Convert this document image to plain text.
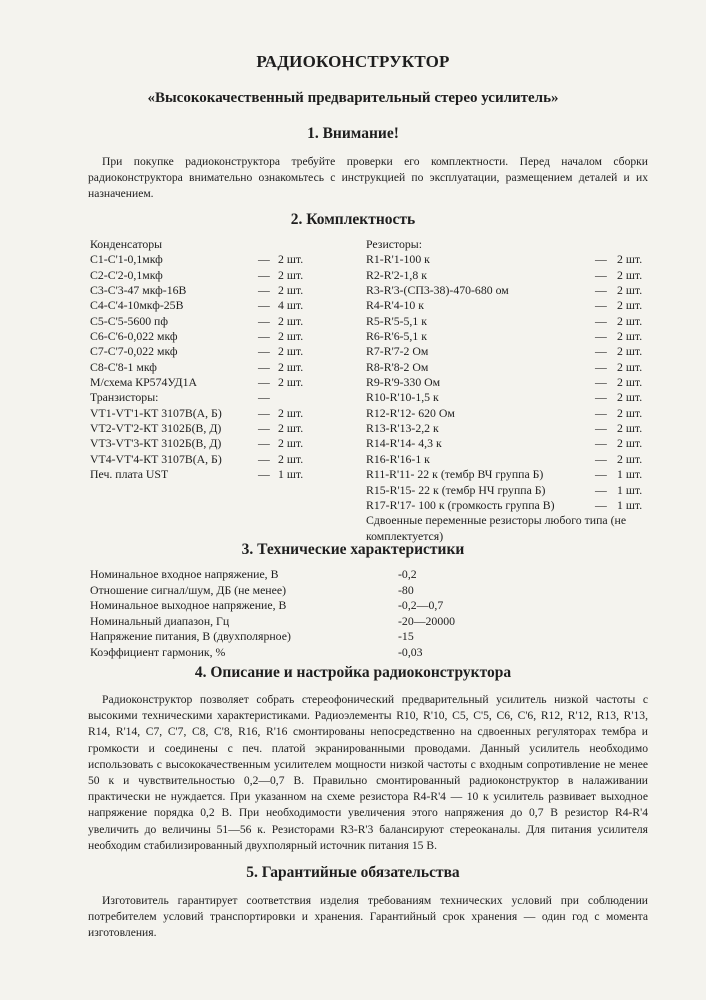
РАДИОКОНСТРУКТОР
«Высококачественный предварительный стерео усилитель»
1. Внимание!

При покупке радиоконструктора требуйте проверки его комплектности. Перед началом сборки радиоконструктора внимательно ознакомьтесь с инструкцией по эксплуатации, размещением деталей и их назначением.

2. Комплектность
Конденсаторы
С1-С'1-0,1мкф	— 2 шт.
С2-С'2-0,1мкф	— 2 шт.
С3-С'3-47 мкф-16В	— 2 шт.
С4-С'4-10мкф-25В	— 4 шт.
С5-С'5-5600 пф	— 2 шт.
С6-С'6-0,022 мкф	— 2 шт.
С7-С'7-0,022 мкф	— 2 шт.
С8-С'8-1 мкф	— 2 шт.
М/схема КР574УД1А	— 2 шт.
Транзисторы:	—
VT1-VT'1-КТ 3107В(А, Б)	— 2 шт.
VT2-VT'2-КТ 3102Б(В, Д)	— 2 шт.
VT3-VT'3-КТ 3102Б(В, Д)	— 2 шт.
VT4-VT'4-КТ 3107В(А, Б)	— 2 шт.
Печ. плата UST	— 1 шт.
Резисторы:
R1-R'1-100 к	— 2 шт.
R2-R'2-1,8 к	— 2 шт.
R3-R'3-(СП3-38)-470-680 ом	— 2 шт.
R4-R'4-10 к	— 2 шт.
R5-R'5-5,1 к	— 2 шт.
R6-R'6-5,1 к	— 2 шт.
R7-R'7-2 Ом	— 2 шт.
R8-R'8-2 Ом	— 2 шт.
R9-R'9-330 Ом	— 2 шт.
R10-R'10-1,5 к	— 2 шт.
R12-R'12- 620 Ом	— 2 шт.
R13-R'13-2,2 к	— 2 шт.
R14-R'14- 4,3 к	— 2 шт.
R16-R'16-1 к	— 2 шт.
R11-R'11- 22 к (тембр ВЧ группа Б)	— 1 шт.
R15-R'15- 22 к (тембр НЧ группа Б)	— 1 шт.
R17-R'17- 100 к (громкость группа В)	— 1 шт.
Сдвоенные переменные резисторы любого типа (не комплектуется)
3. Технические характеристики
Номинальное входное напряжение, В	-0,2
Отношение сигнал/шум, ДБ (не менее)	-80
Номинальное выходное напряжение, В	-0,2—0,7
Номинальный диапазон, Гц	-20—20000
Напряжение питания, В (двухполярное)	-15
Коэффициент гармоник, %	-0,03
4. Описание и настройка радиоконструктора

Радиоконструктор позволяет собрать стереофонический предварительный усилитель низкой частоты с высокими техническими характеристиками. Радиоэлементы R10, R'10, С5, С'5, С6, С'6, R12, R'12, R13, R'13, R14, R'14, С7, С'7, С8, С'8, R16, R'16 смонтированы непосредственно на сдвоенных регуляторах тембра и громкости и соединены с печ. платой экранированными проводами. Данный усилитель необходимо использовать с высококачественным усилителем мощности низкой частоты с входным сопротивление не менее 50 к и чувствительностью 0,2—0,7 В. Правильно смонтированный радиоконструктор в налаживании практически не нуждается. При указанном на схеме резистора R4-R'4 — 10 к усилитель развивает выходное напряжение порядка 0,2 В. При необходимости увеличения этого напряжения до 0,7 В резистор R4-R'4 увеличить до величины 51—56 к. Резисторами R3-R'3 балансируют стереоканалы. Для питания усилителя необходим стабилизированный двухполярный источник питания 15 В.

5. Гарантийные обязательства

Изготовитель гарантирует соответствия изделия требованиям технических условий при соблюдении потребителем условий транспортировки и хранения. Гарантийный срок хранения — один год с момента изготовления.
